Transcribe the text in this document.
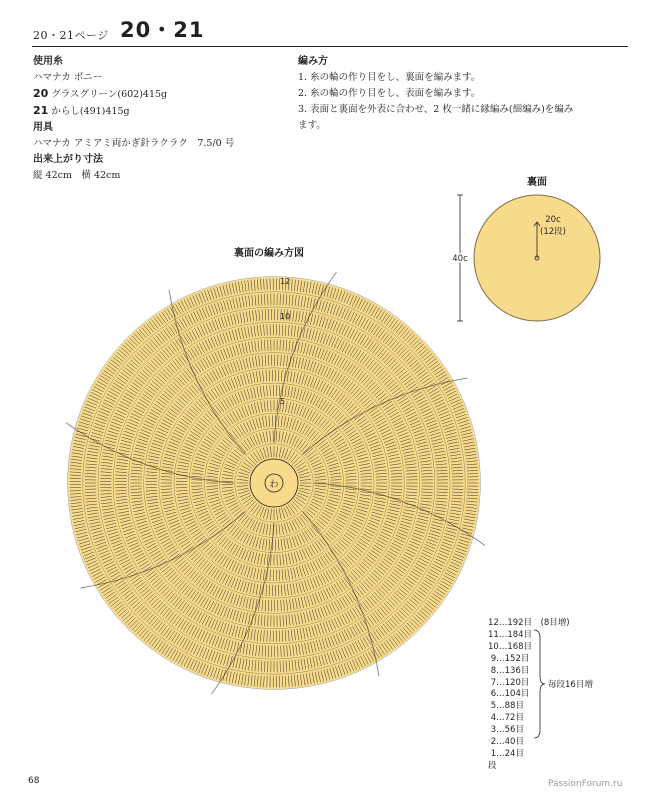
20・21ページ 20・21
使用糸
ハマナカ ボニー
20 グラスグリーン(602)415g
21 からし(491)415g
用具
ハマナカ アミアミ両かぎ針ラクラク　7.5/0 号
出来上がり寸法
縦 42cm　横 42cm
編み方
1. 糸の輪の作り目をし、裏面を編みます。
2. 糸の輪の作り目をし、表面を編みます。
3. 表面と裏面を外表に合わせ、2 枚一緒に縁編み(細編み)を編み
ます。
裏面
40c
20c
(12段)
裏面の編み方図
わ
12
10
5
12…192目　 (8目増)
11…184目
10…168目
9…152目
8…136目
7…120目
6…104目
5…88目
4…72目
3…56目
2…40目
1…24目
段
毎段16目増
68	PassionForum.ru
